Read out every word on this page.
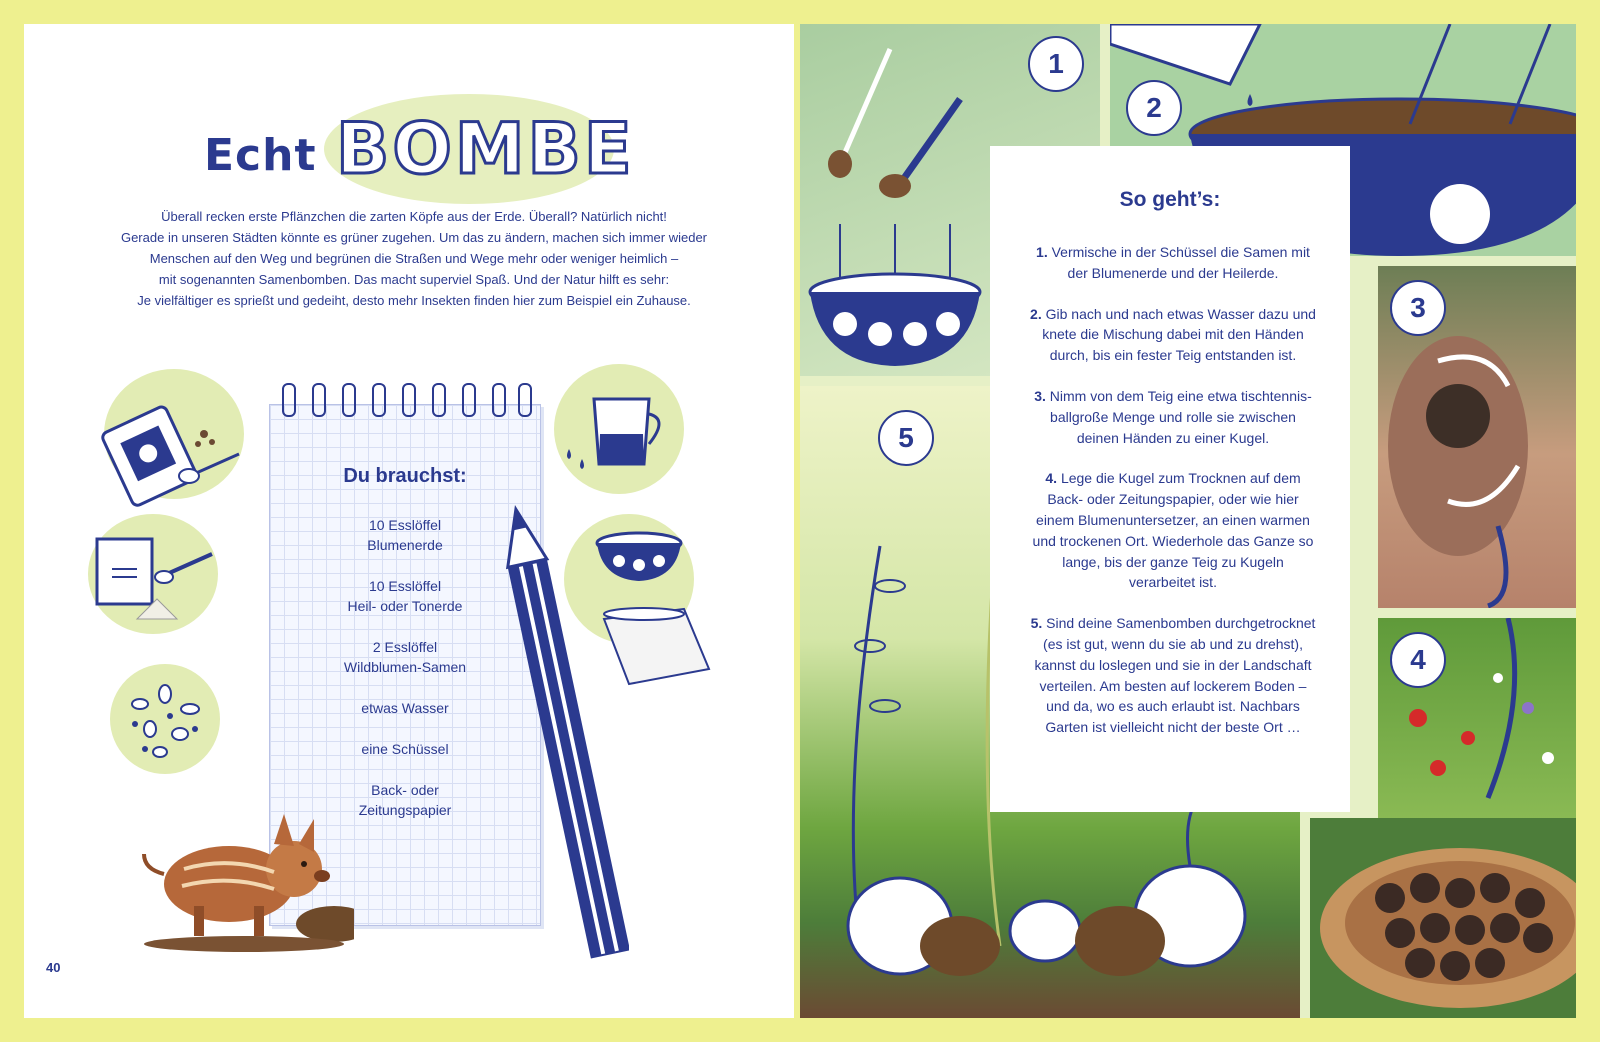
Echt BOMBE

Überall recken erste Pflänzchen die zarten Köpfe aus der Erde. Überall? Natürlich nicht!

Gerade in unseren Städten könnte es grüner zugehen. Um das zu ändern, machen sich immer wieder

Menschen auf den Weg und begrünen die Straßen und Wege mehr oder weniger heimlich –

mit sogenannten Samenbomben. Das macht superviel Spaß. Und der Natur hilft es sehr:

Je vielfältiger es sprießt und gedeiht, desto mehr Insekten finden hier zum Beispiel ein Zuhause.

Du brauchst:
10 Esslöffel
Blumenerde
10 Esslöffel
Heil- oder Tonerde
2 Esslöffel
Wildblumen-Samen
etwas Wasser
eine Schüssel
Back- oder
Zeitungspapier
40
So geht’s:
1. Vermische in der Schüssel die Samen mit der Blumenerde und der Heilerde.
2. Gib nach und nach etwas Wasser dazu und knete die Mischung dabei mit den Händen durch, bis ein fester Teig entstanden ist.
3. Nimm von dem Teig eine etwa tischtennis-ballgroße Menge und rolle sie zwischen deinen Händen zu einer Kugel.
4. Lege die Kugel zum Trocknen auf dem Back- oder Zeitungspapier, oder wie hier einem Blumenuntersetzer, an einen warmen und trockenen Ort. Wiederhole das Ganze so lange, bis der ganze Teig zu Kugeln verarbeitet ist.
5. Sind deine Samenbomben durchgetrocknet (es ist gut, wenn du sie ab und zu drehst), kannst du loslegen und sie in der Landschaft verteilen. Am besten auf lockerem Boden – und da, wo es auch erlaubt ist. Nachbars Garten ist vielleicht nicht der beste Ort …
1
2
3
4
5
